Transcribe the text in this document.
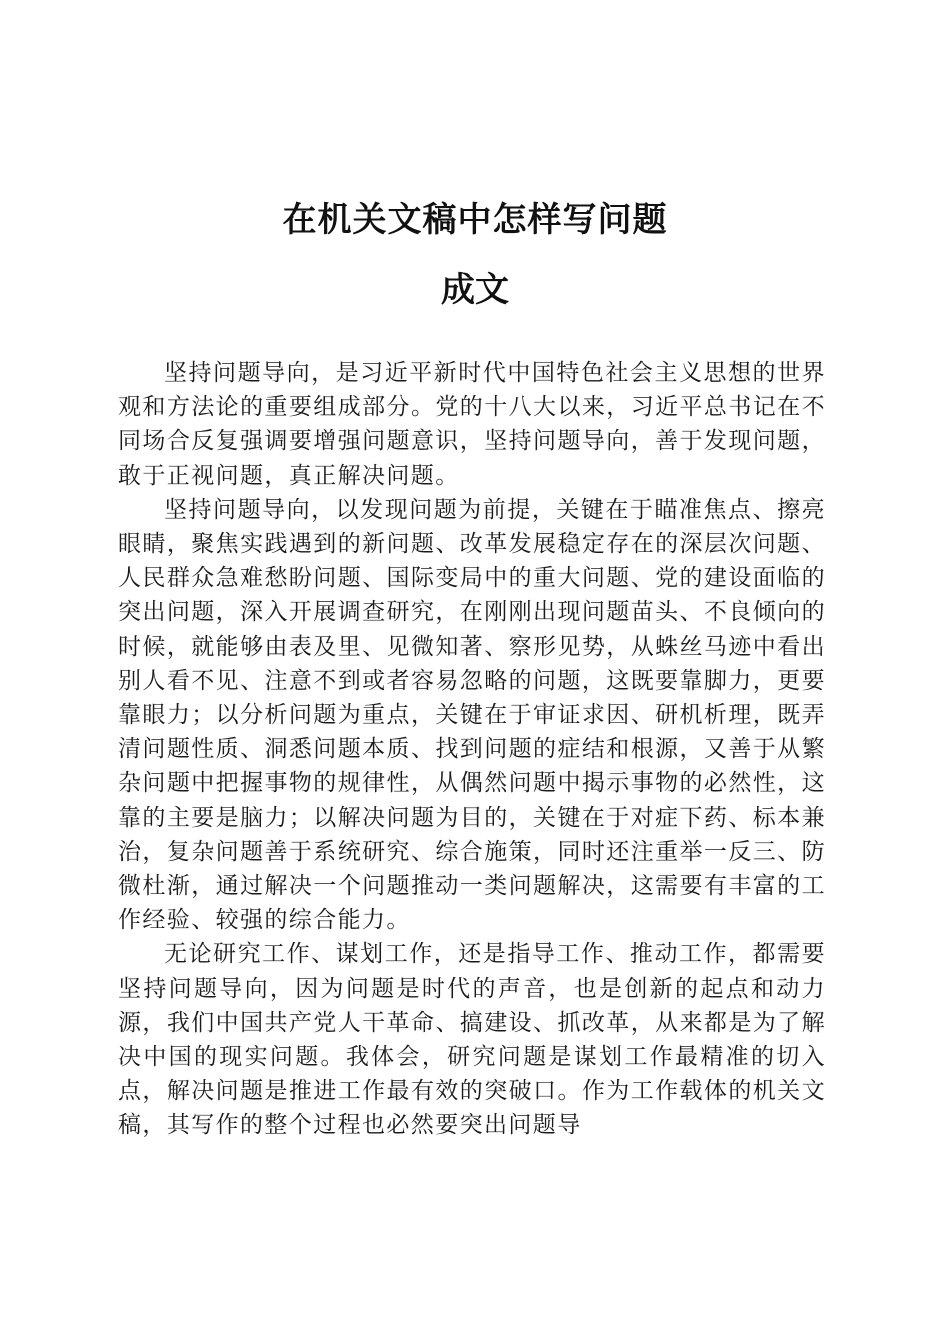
在机关文稿中怎样写问题
成文

坚持问题导向，是习近平新时代中国特色社会主义思想的世界观和方法论的重要组成部分。党的十八大以来，习近平总书记在不同场合反复强调要增强问题意识，坚持问题导向，善于发现问题，敢于正视问题，真正解决问题。

坚持问题导向，以发现问题为前提，关键在于瞄准焦点、擦亮眼睛，聚焦实践遇到的新问题、改革发展稳定存在的深层次问题、人民群众急难愁盼问题、国际变局中的重大问题、党的建设面临的突出问题，深入开展调查研究，在刚刚出现问题苗头、不良倾向的时候，就能够由表及里、见微知著、察形见势，从蛛丝马迹中看出别人看不见、注意不到或者容易忽略的问题，这既要靠脚力，更要靠眼力；以分析问题为重点，关键在于审证求因、研机析理，既弄清问题性质、洞悉问题本质、找到问题的症结和根源，又善于从繁杂问题中把握事物的规律性，从偶然问题中揭示事物的必然性，这靠的主要是脑力；以解决问题为目的，关键在于对症下药、标本兼治，复杂问题善于系统研究、综合施策，同时还注重举一反三、防微杜渐，通过解决一个问题推动一类问题解决，这需要有丰富的工作经验、较强的综合能力。

无论研究工作、谋划工作，还是指导工作、推动工作，都需要坚持问题导向，因为问题是时代的声音，也是创新的起点和动力源，我们中国共产党人干革命、搞建设、抓改革，从来都是为了解决中国的现实问题。我体会，研究问题是谋划工作最精准的切入点，解决问题是推进工作最有效的突破口。作为工作载体的机关文稿，其写作的整个过程也必然要突出问题导
